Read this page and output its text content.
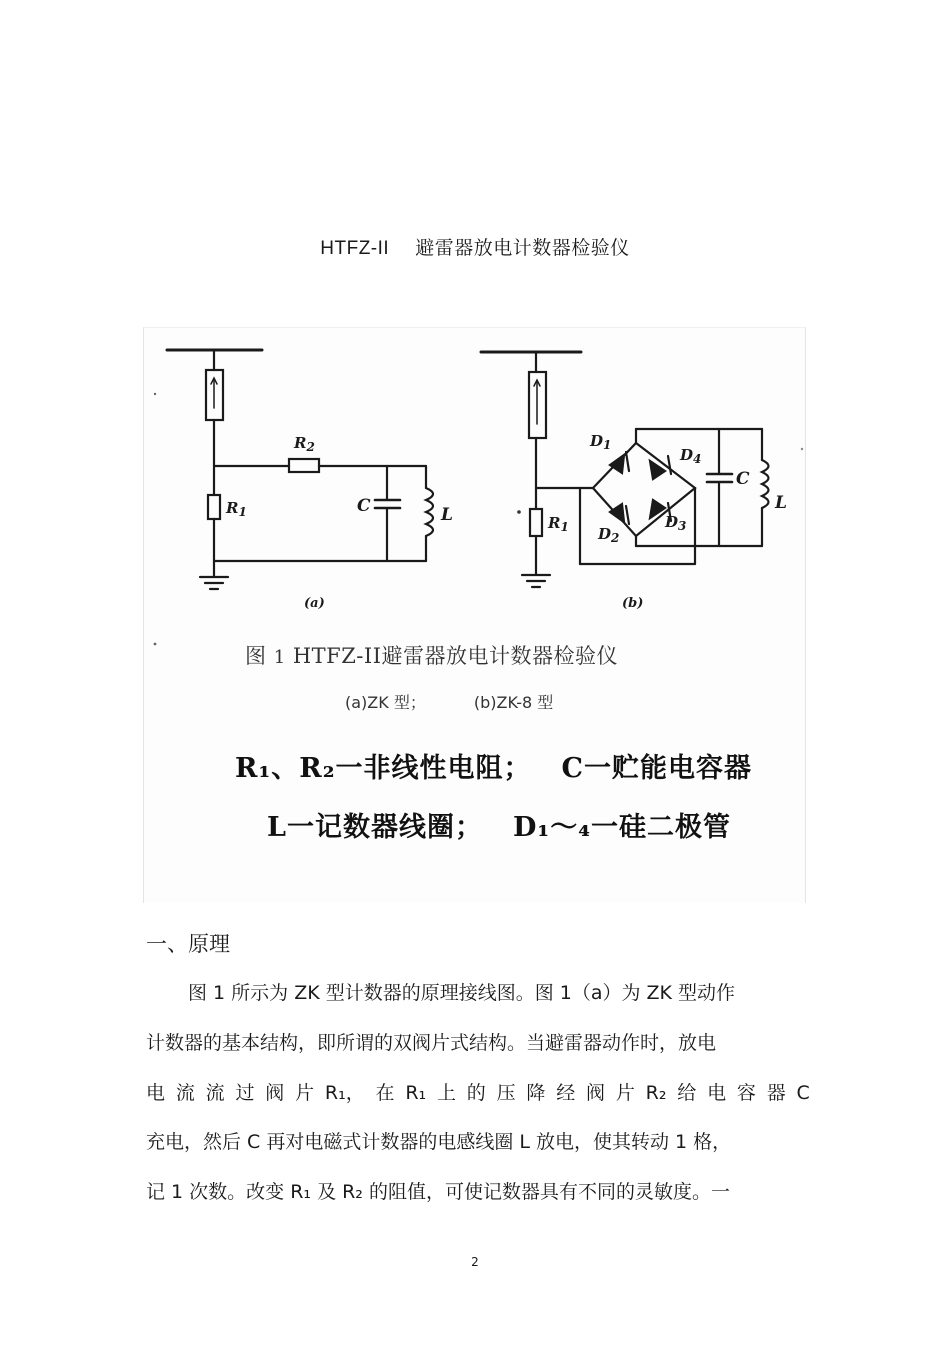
HTFZ-II 避雷器放电计数器检验仪
$R_2$
$R_1$	C	L
(a)
$D_1$
$D_4$
$D_2$
$D_3$
$R_1$
C
L
(b)
图 1 HTFZ-II避雷器放电计数器检验仪
(a)ZK 型；	(b)ZK-8 型
R₁、R₂一非线性电阻； C一贮能电容器
L一记数器线圈； D₁～₄一硅二极管
一、原理
图 1 所示为 ZK 型计数器的原理接线图。图 1（a）为 ZK 型动作
计数器的基本结构，即所谓的双阀片式结构。当避雷器动作时，放电
电 流 流 过 阀 片 R₁， 在 R₁ 上 的 压 降 经 阀 片 R₂ 给 电 容 器 C
充电，然后 C 再对电磁式计数器的电感线圈 L 放电，使其转动 1 格，
记 1 次数。改变 R₁ 及 R₂ 的阻值，可使记数器具有不同的灵敏度。一
2
